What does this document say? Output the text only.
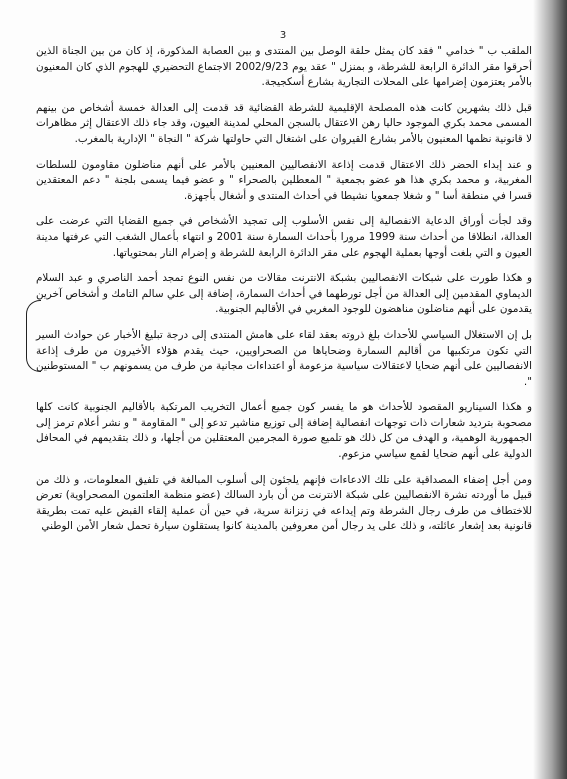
3

الملقب ب " خدامي " فقد كان يمثل حلقة الوصل بين المنتدى و بين العصابة المذكورة، إذ كان من بين الجناة الذين أحرقوا مقر الدائرة الرابعة للشرطة، و بمنزل " عقد يوم 2002/9/23 الاجتماع التحضيري للهجوم الذي كان المعنيون بالأمر يعتزمون إضرامها على المحلات التجارية بشارع أسكجيجة.

قبل ذلك بشهرين كانت هذه المصلحة الإقليمية للشرطة القضائية قد قدمت إلى العدالة خمسة أشخاص من بينهم المسمى محمد بكري الموجود حاليا رهن الاعتقال بالسجن المحلي لمدينة العيون، وقد جاء ذلك الاعتقال إثر مظاهرات لا قانونية نظمها المعنيون بالأمر بشارع القيروان على اشتغال التي حاولتها شركة " النجاة " الإدارية بالمغرب.

و عند إبداء الحضر ذلك الاعتقال قدمت إذاعة الانفصاليين المعنيين بالأمر على أنهم مناضلون مقاومون للسلطات المغربية، و محمد بكري هذا هو عضو بجمعية " المعطلين بالصحراء " و عضو فيما يسمى بلجنة " دعم المعتقدين قسرا في منطقة أسا " و شغلا جمعويا نشيطا في أحداث المنتدى و أشغال بأجهزة.

وقد لجأت أوراق الدعاية الانفصالية إلى نفس الأسلوب إلى تمجيد الأشخاص في جميع القضايا التي عرضت على العدالة، انطلاقا من أحداث سنة 1999 مرورا بأحداث السمارة سنة 2001 و انتهاء بأعمال الشغب التي عرفتها مدينة العيون و التي بلغت أوجها بعملية الهجوم على مقر الدائرة الرابعة للشرطة و إضرام النار بمحتوياتها.

و هكذا طورت على شبكات الانفصاليين بشبكة الانترنت مقالات من نفس النوع تمجد أحمد الناصري و عبد السلام الديماوي المقدمين إلى العدالة من أجل تورطهما في أحداث السمارة، إضافة إلى علي سالم التامك و أشخاص آخرين يقدمون على أنهم مناضلون مناهضون للوجود المغربي في الأقاليم الجنوبية.

بل إن الاستغلال السياسي للأحداث بلغ ذروته بعقد لقاء على هامش المنتدى إلى درجة تبليغ الأخبار عن حوادث السير التي تكون مرتكبيها من أقاليم السمارة وضحاياها من الصحراويين، حيث يقدم هؤلاء الأخيرون من طرف إذاعة الانفصاليين على أنهم ضحايا لاعتقالات سياسية مزعومة أو اعتداءات مجانية من طرف من يسمونهم ب " المستوطنين ".

و هكذا السيناريو المقصود للأحداث هو ما يفسر كون جميع أعمال التخريب المرتكبة بالأقاليم الجنوبية كانت كلها مصحوبة بترديد شعارات ذات توجهات انفصالية إضافة إلى توزيع مناشير تدعو إلى " المقاومة " و نشر أعلام ترمز إلى الجمهورية الوهمية، و الهدف من كل ذلك هو تلميع صورة المجرمين المعتقلين من أجلها، و ذلك بتقديمهم في المحافل الدولية على أنهم ضحايا لقمع سياسي مزعوم.

ومن أجل إضفاء المصداقية على تلك الادعاءات فإنهم يلجئون إلى أسلوب المبالغة في تلفيق المعلومات، و ذلك من قبيل ما أوردته نشرة الانفصاليين على شبكة الانترنت من أن بارد السالك (عضو منظمة العلتمون المصحراوية) تعرض للاختطاف من طرف رجال الشرطة وتم إيداعه في زنزانة سرية، في حين أن عملية إلقاء القبض عليه تمت بطريقة قانونية بعد إشعار عائلته، و ذلك على يد رجال أمن معروفين بالمدينة كانوا يستقلون سيارة تحمل شعار الأمن الوطني
